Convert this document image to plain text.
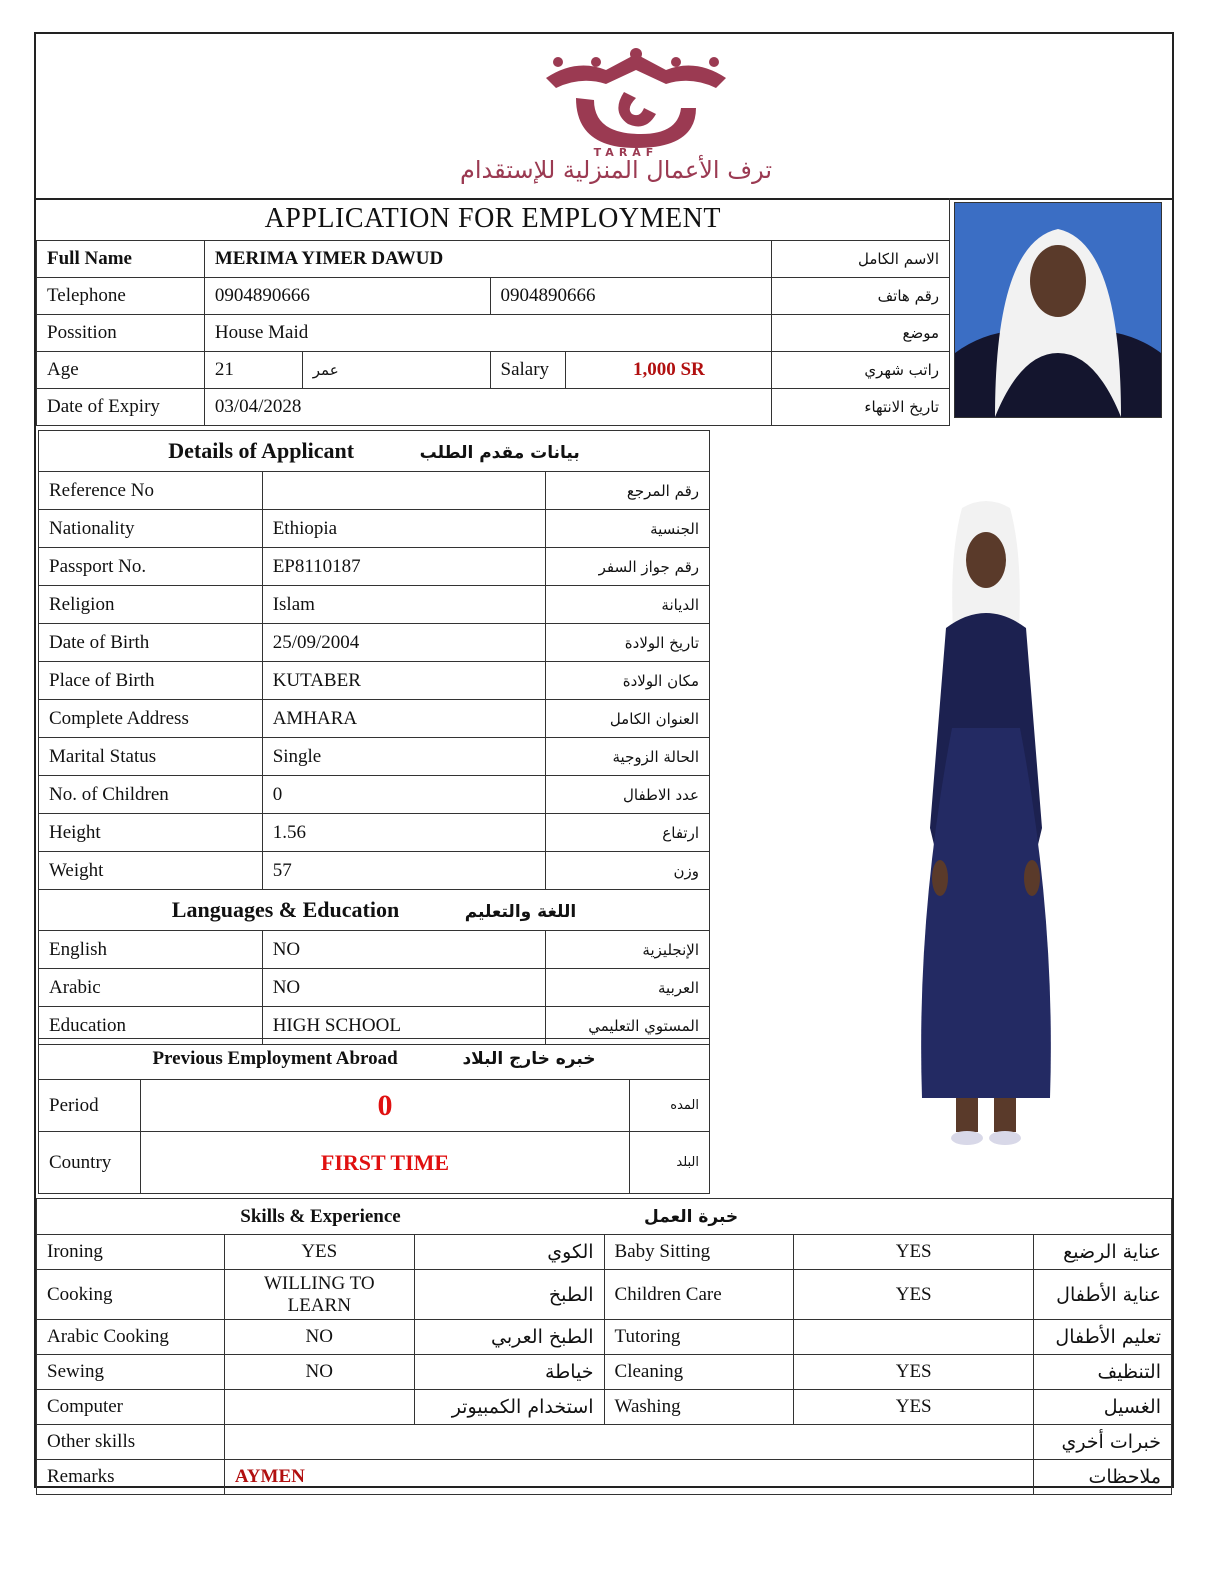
TARAF
ترف الأعمال المنزلية للإستقدام
APPLICATION FOR EMPLOYMENT					
Full Name	MERIMA YIMER DAWUD				الاسم الكامل
Telephone	0904890666		0904890666		رقم هاتف
Possition	House Maid				موضع
Age	21	عمر	Salary	1,000 SR	راتب شهري
Date of Expiry	03/04/2028				تاريخ الانتهاء
Details of Applicant بيانات مقدم الطلب		
Reference No		رقم المرجع
Nationality	Ethiopia	الجنسية
Passport No.	EP8110187	رقم جواز السفر
Religion	Islam	الديانة
Date of Birth	25/09/2004	تاريخ الولادة
Place of Birth	KUTABER	مكان الولادة
Complete Address	AMHARA	العنوان الكامل
Marital Status	Single	الحالة الزوجية
No. of Children	0	عدد الاطفال
Height	1.56	ارتفاع
Weight	57	وزن
Languages & Education اللغة والتعليم		
English	NO	الإنجليزية
Arabic	NO	العربية
Education	HIGH SCHOOL	المستوي التعليمي
Previous Employment Abroad خبره خارج البلاد		
Period	0	المده
Country	FIRST TIME	البلد
Skills & Experience			خبرة العمل		
Ironing	YES	الكوي	Baby Sitting	YES	عناية الرضيع
Cooking	WILLING TO LEARN	الطبخ	Children Care	YES	عناية الأطفال
Arabic Cooking	NO	الطبخ العربي	Tutoring		تعليم الأطفال
Sewing	NO	خياطة	Cleaning	YES	التنظيف
Computer		استخدام الكمبيوتر	Washing	YES	الغسيل
Other skills					خبرات أخري
Remarks	AYMEN				ملاحظات
